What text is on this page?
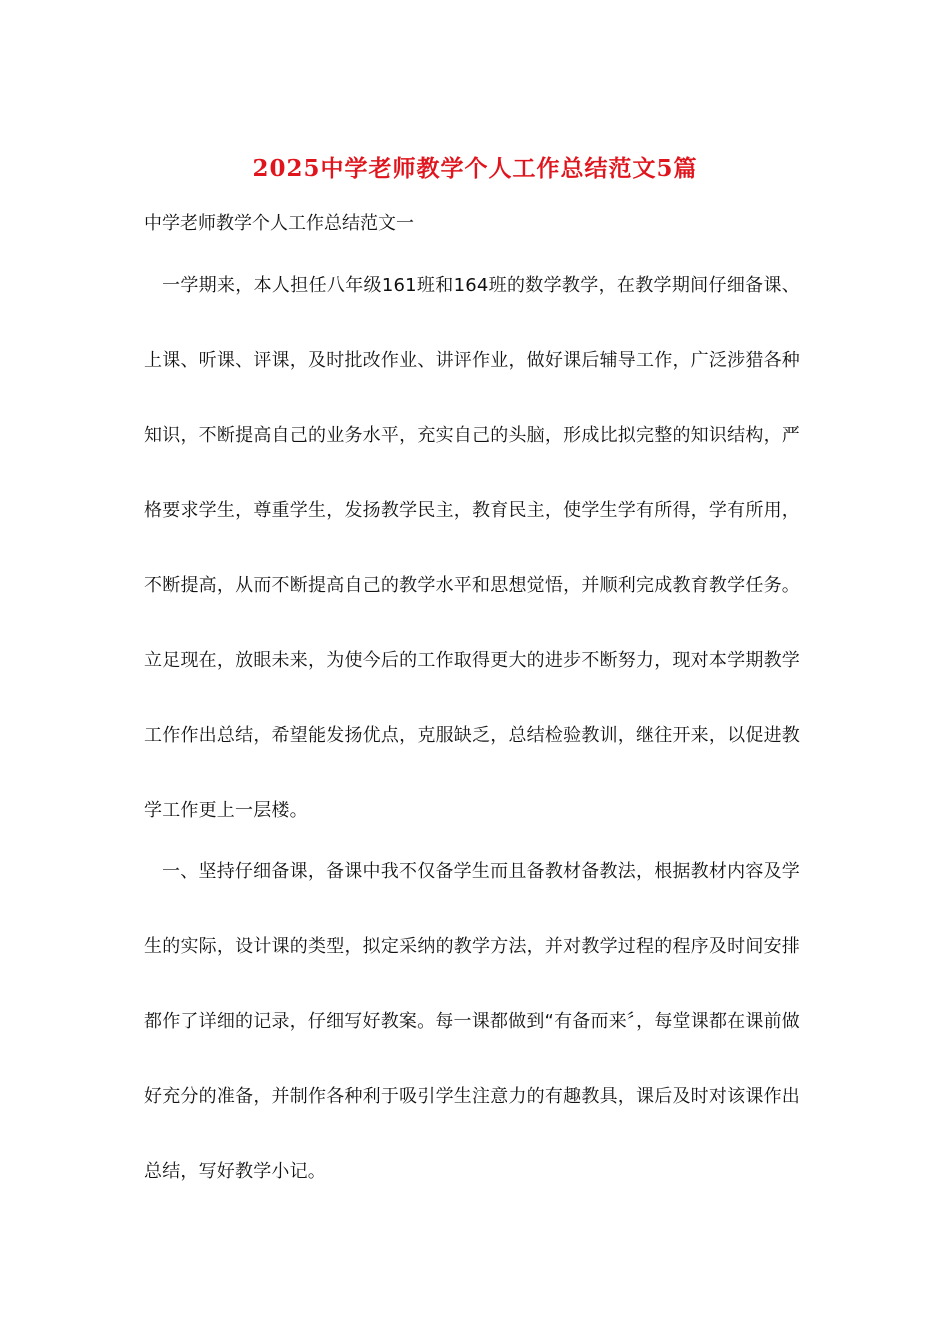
2025中学老师教学个人工作总结范文5篇
中学老师教学个人工作总结范文一

一学期来，本人担任八年级161班和164班的数学教学，在教学期间仔细备课、上课、听课、评课，及时批改作业、讲评作业，做好课后辅导工作，广泛涉猎各种知识，不断提高自己的业务水平，充实自己的头脑，形成比拟完整的知识结构，严格要求学生，尊重学生，发扬教学民主，教育民主，使学生学有所得，学有所用，不断提高，从而不断提高自己的教学水平和思想觉悟，并顺利完成教育教学任务。立足现在，放眼未来，为使今后的工作取得更大的进步不断努力，现对本学期教学工作作出总结，希望能发扬优点，克服缺乏，总结检验教训，继往开来，以促进教学工作更上一层楼。

一、坚持仔细备课，备课中我不仅备学生而且备教材备教法，根据教材内容及学生的实际，设计课的类型，拟定采纳的教学方法，并对教学过程的程序及时间安排都作了详细的记录，仔细写好教案。每一课都做到“有备而来〞，每堂课都在课前做好充分的准备，并制作各种利于吸引学生注意力的有趣教具，课后及时对该课作出总结，写好教学小记。
